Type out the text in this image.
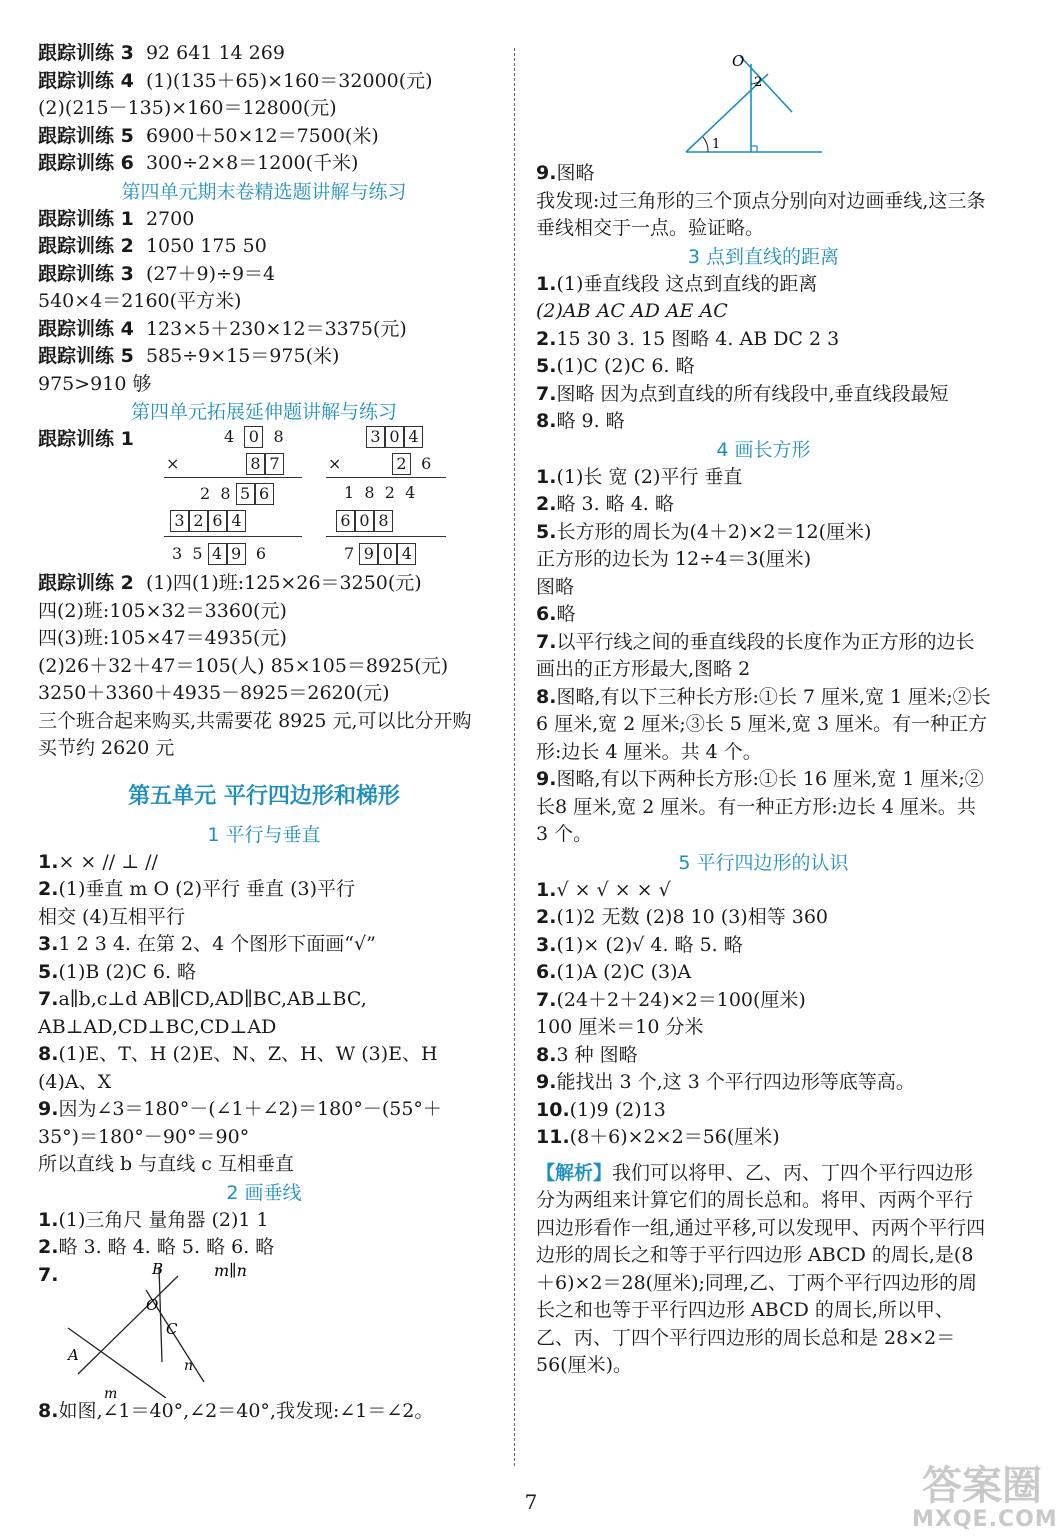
跟踪训练 3 92 641 14 269
跟踪训练 4 (1)(135＋65)×160＝32000(元)
(2)(215－135)×160＝12800(元)
跟踪训练 5 6900＋50×12＝7500(米)
跟踪训练 6 300÷2×8＝1200(千米)
第四单元期末卷精选题讲解与练习
跟踪训练 1 2700
跟踪训练 2 1050 175 50
跟踪训练 3 (27＋9)÷9＝4
540×4＝2160(平方米)
跟踪训练 4 123×5＋230×12＝3375(元)
跟踪训练 5 585÷9×15＝975(米)
975>910 够
第四单元拓展延伸题讲解与练习
跟踪训练 1	4 0 8
×	8 7
2 8 5 6
3 2 6 4
3 5 4 9 6
3 0 4
×	2 6
1 8 2 4
6 0 8
7 9 0 4
跟踪训练 2 (1)四(1)班:125×26＝3250(元)
四(2)班:105×32＝3360(元)
四(3)班:105×47＝4935(元)
(2)26＋32＋47＝105(人) 85×105＝8925(元)
3250＋3360＋4935－8925＝2620(元)
三个班合起来购买,共需要花 8925 元,可以比分开购买节约 2620 元
第五单元 平行四边形和梯形
1 平行与垂直
1.× × // ⊥ //
2.(1)垂直 m O (2)平行 垂直 (3)平行
相交 (4)互相平行
3.1 2 3 4. 在第 2、4 个图形下面画“√”
5.(1)B (2)C 6. 略
7.a∥b,c⊥d AB∥CD,AD∥BC,AB⊥BC,
AB⊥AD,CD⊥BC,CD⊥AD
8.(1)E、T、H (2)E、N、Z、H、W (3)E、H
(4)A、X
9.因为∠3＝180°－(∠1＋∠2)＝180°－(55°＋
35°)＝180°－90°＝90°
所以直线 b 与直线 c 互相垂直
2 画垂线
1.(1)三角尺 量角器 (2)1 1
2.略 3. 略 4. 略 5. 略 6. 略
7.
O
B
C
A
m
n
m∥n
8.如图,∠1＝40°,∠2＝40°,我发现:∠1＝∠2。
O
2
1
9.图略
我发现:过三角形的三个顶点分别向对边画垂线,这三条垂线相交于一点。验证略。
3 点到直线的距离
1.(1)垂直线段 这点到直线的距离
(2)AB AC AD AE AC
2.15 30 3. 15 图略 4. AB DC 2 3
5.(1)C (2)C 6. 略
7.图略 因为点到直线的所有线段中,垂直线段最短
8.略 9. 略
4 画长方形
1.(1)长 宽 (2)平行 垂直
2.略 3. 略 4. 略
5.长方形的周长为(4＋2)×2＝12(厘米)
正方形的边长为 12÷4＝3(厘米)
图略
6.略
7.以平行线之间的垂直线段的长度作为正方形的边长画出的正方形最大,图略 2
8.图略,有以下三种长方形:①长 7 厘米,宽 1 厘米;②长 6 厘米,宽 2 厘米;③长 5 厘米,宽 3 厘米。有一种正方形:边长 4 厘米。共 4 个。
9.图略,有以下两种长方形:①长 16 厘米,宽 1 厘米;②长8 厘米,宽 2 厘米。有一种正方形:边长 4 厘米。共 3 个。
5 平行四边形的认识
1.√ × √ × × √
2.(1)2 无数 (2)8 10 (3)相等 360
3.(1)× (2)√ 4. 略 5. 略
6.(1)A (2)C (3)A
7.(24＋2＋24)×2＝100(厘米)
100 厘米＝10 分米
8.3 种 图略
9.能找出 3 个,这 3 个平行四边形等底等高。
10.(1)9 (2)13
11.(8＋6)×2×2＝56(厘米)
【解析】我们可以将甲、乙、丙、丁四个平行四边形分为两组来计算它们的周长总和。将甲、丙两个平行四边形看作一组,通过平移,可以发现甲、丙两个平行四边形的周长之和等于平行四边形 ABCD 的周长,是(8＋6)×2＝28(厘米);同理,乙、丁两个平行四边形的周长之和也等于平行四边形 ABCD 的周长,所以甲、乙、丙、丁四个平行四边形的周长总和是 28×2＝56(厘米)。
7	答案圈
MXQE.COM
